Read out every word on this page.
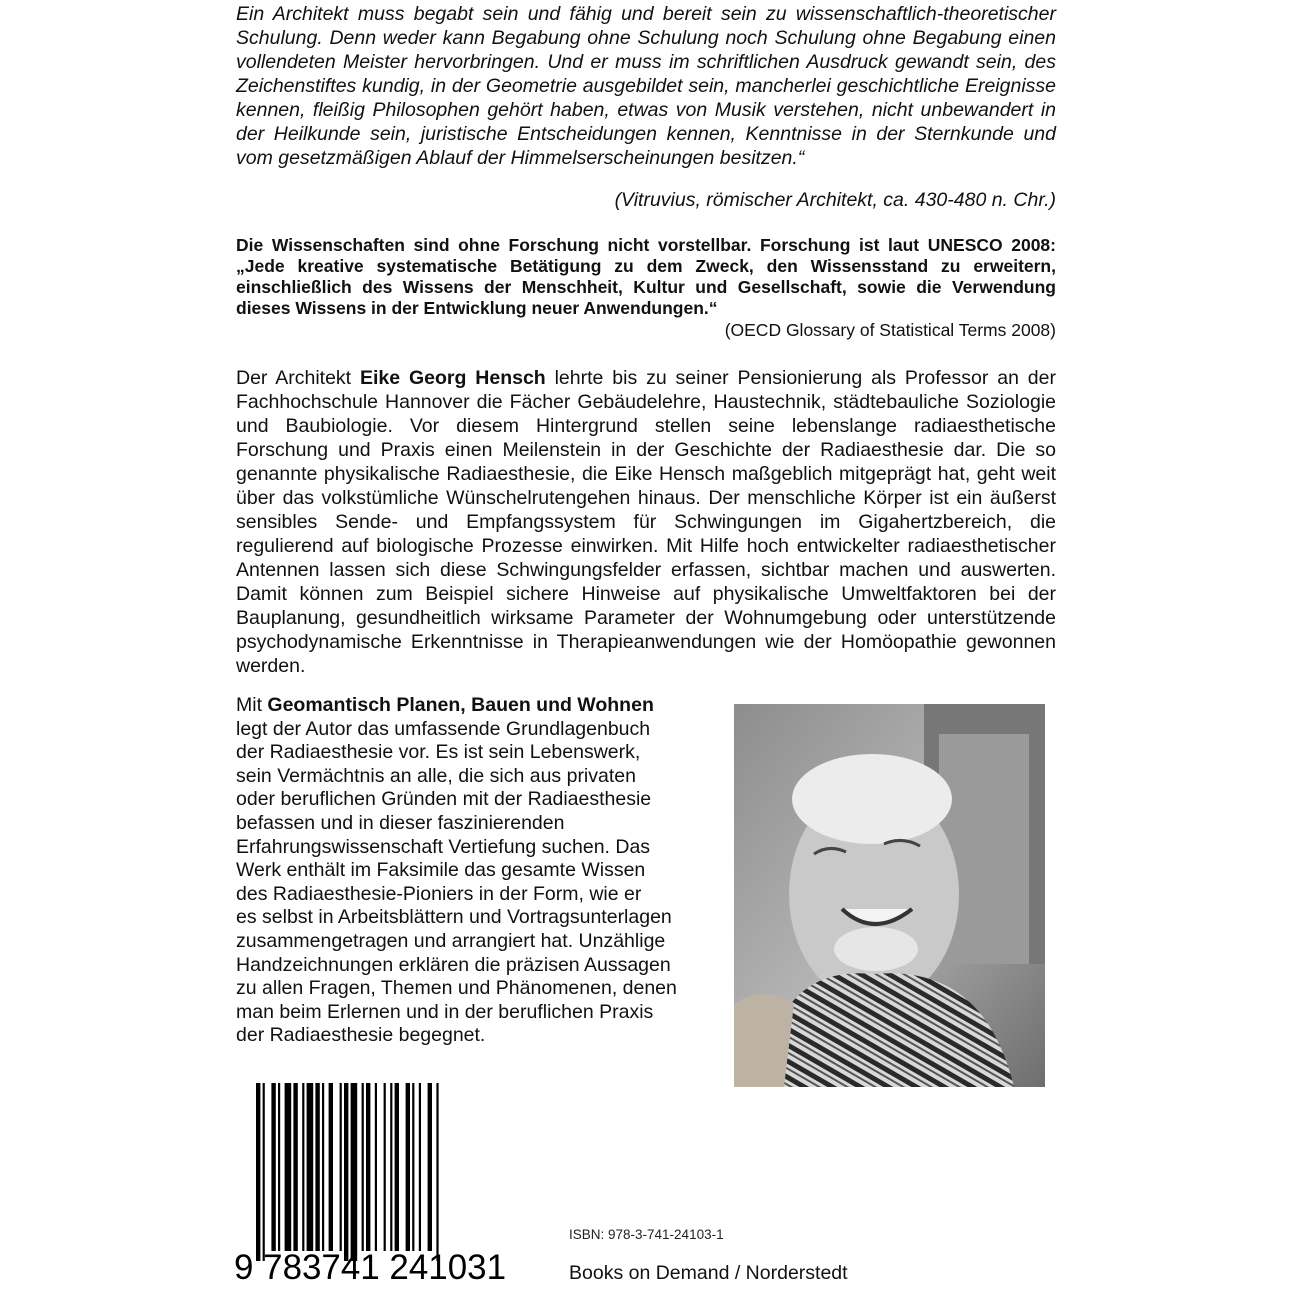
Ein Architekt muss begabt sein und fähig und bereit sein zu wissenschaftlich-theoretischer Schulung. Denn weder kann Begabung ohne Schulung noch Schulung ohne Begabung einen vollendeten Meister hervorbringen. Und er muss im schriftlichen Ausdruck gewandt sein, des Zeichenstiftes kundig, in der Geometrie ausgebildet sein, mancherlei geschichtliche Ereignisse kennen, fleißig Philosophen gehört haben, etwas von Musik verstehen, nicht unbewandert in der Heilkunde sein, juristische Entscheidungen kennen, Kenntnisse in der Sternkunde und vom gesetzmäßigen Ablauf der Himmelserscheinungen besitzen.“
(Vitruvius, römischer Architekt, ca. 430-480 n. Chr.)
Die Wissenschaften sind ohne Forschung nicht vorstellbar. Forschung ist laut UNESCO 2008: „Jede kreative systematische Betätigung zu dem Zweck, den Wissensstand zu erweitern, einschließlich des Wissens der Menschheit, Kultur und Gesellschaft, sowie die Verwendung dieses Wissens in der Entwicklung neuer Anwendungen.“
(OECD Glossary of Statistical Terms 2008)
Der Architekt Eike Georg Hensch lehrte bis zu seiner Pensionierung als Professor an der Fachhochschule Hannover die Fächer Gebäudelehre, Haustechnik, städtebauliche Soziologie und Baubiologie. Vor diesem Hintergrund stellen seine lebenslange radiaesthetische Forschung und Praxis einen Meilenstein in der Geschichte der Radiaesthesie dar. Die so genannte physikalische Radiaesthesie, die Eike Hensch maßgeblich mitgeprägt hat, geht weit über das volkstümliche Wünschelrutengehen hinaus. Der menschliche Körper ist ein äußerst sensibles Sende- und Empfangssystem für Schwingungen im Gigahertzbereich, die regulierend auf biologische Prozesse einwirken. Mit Hilfe hoch entwickelter radiaesthetischer Antennen lassen sich diese Schwingungsfelder erfassen, sichtbar machen und auswerten. Damit können zum Beispiel sichere Hinweise auf physikalische Umweltfaktoren bei der Bauplanung, gesundheitlich wirksame Parameter der Wohnumgebung oder unterstützende psychodynamische Erkenntnisse in Therapieanwendungen wie der Homöopathie gewonnen werden.
Mit Geomantisch Planen, Bauen und Wohnen
legt der Autor das umfassende Grundlagenbuch
der Radiaesthesie vor. Es ist sein Lebenswerk,
sein Vermächtnis an alle, die sich aus privaten
oder beruflichen Gründen mit der Radiaesthesie
befassen und in dieser faszinierenden
Erfahrungswissenschaft Vertiefung suchen. Das
Werk enthält im Faksimile das gesamte Wissen
des Radiaesthesie-Pioniers in der Form, wie er
es selbst in Arbeitsblättern und Vortragsunterlagen
zusammengetragen und arrangiert hat. Unzählige
Handzeichnungen erklären die präzisen Aussagen
zu allen Fragen, Themen und Phänomenen, denen
man beim Erlernen und in der beruflichen Praxis
der Radiaesthesie begegnet.
9 783741 241031
ISBN: 978-3-741-24103-1
Books on Demand / Norderstedt
